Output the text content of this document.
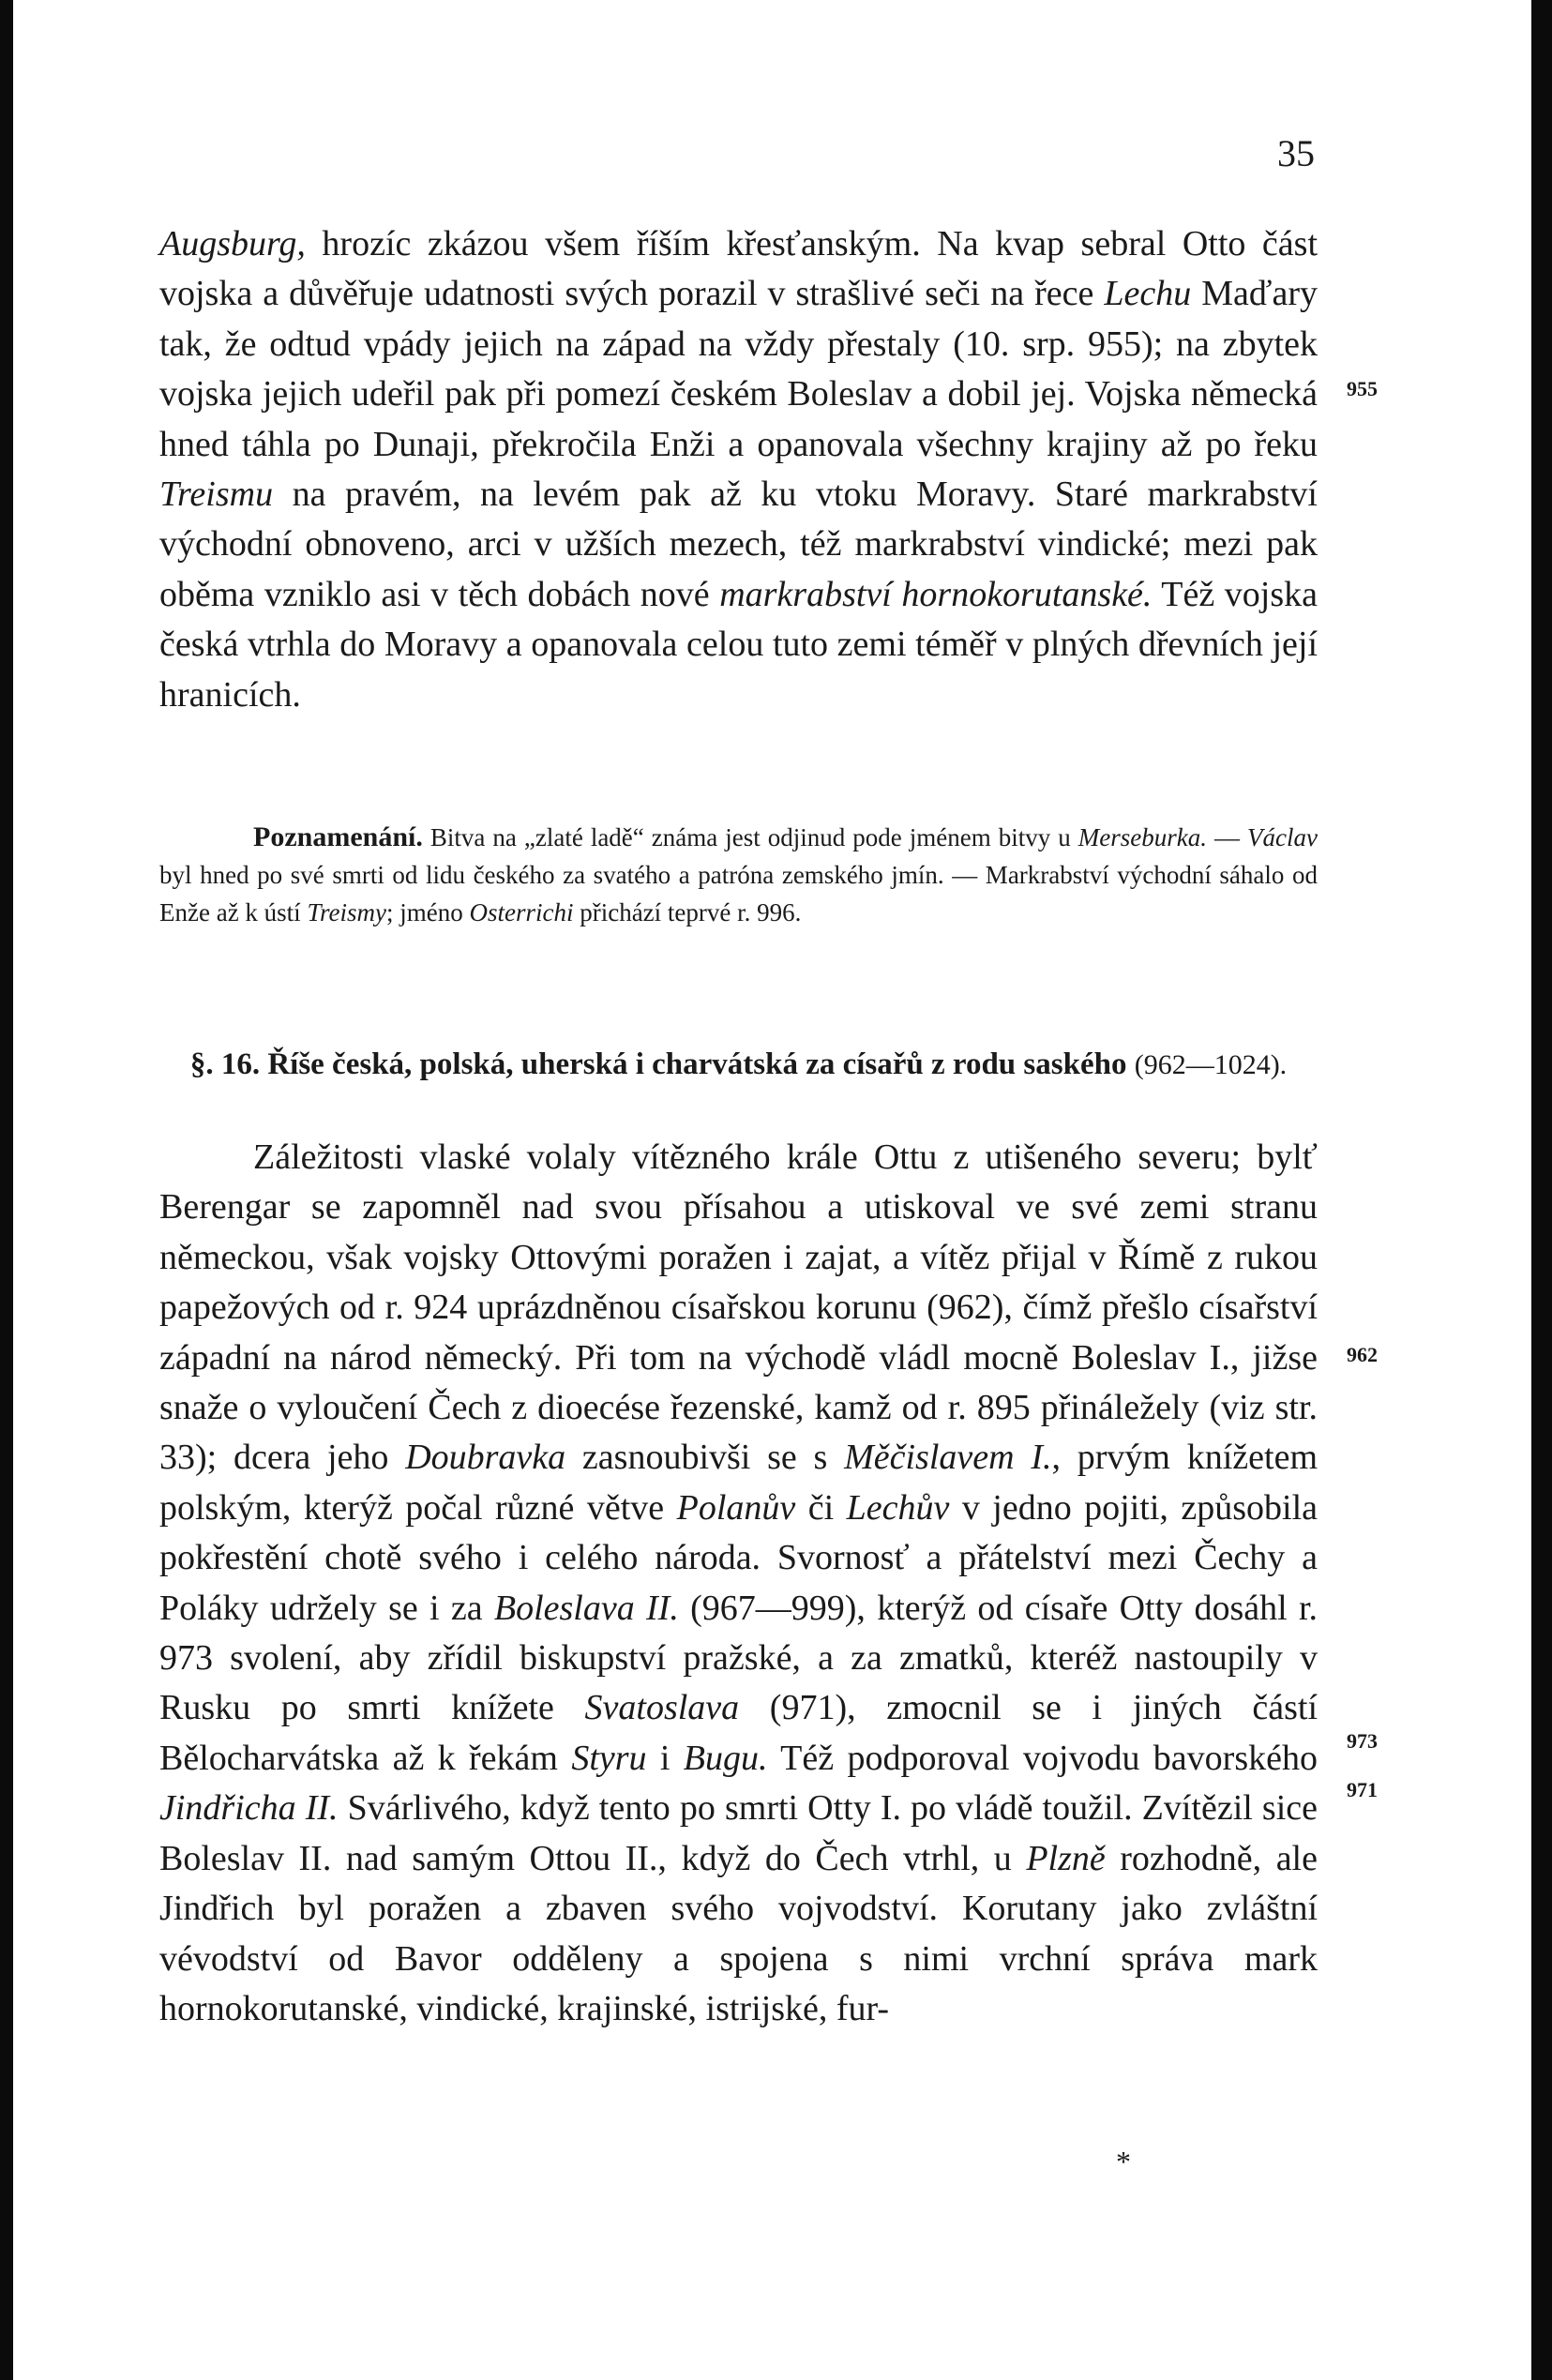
35
Augsburg, hrozíc zkázou všem říším křesťanským. Na kvap sebral Otto část vojska a důvěřuje udatnosti svých porazil v strašlivé seči na řece Lechu Maďary tak, že odtud vpády jejich na západ na vždy přestaly (10. srp. 955); na zbytek vojska jejich udeřil pak při pomezí českém Boleslav a dobil jej. Vojska německá hned táhla po Dunaji, překročila Enži a opanovala všechny krajiny až po řeku Treismu na pravém, na levém pak až ku vtoku Moravy. Staré markrabství východní obnoveno, arci v užších mezech, též markrabství vindické; mezi pak oběma vzniklo asi v těch dobách nové markrabství hornokorutanské. Též vojska česká vtrhla do Moravy a opanovala celou tuto zemi téměř v plných dřevních její hranicích.
Poznamenání. Bitva na „zlaté ladě“ známa jest odjinud pode jménem bitvy u Merseburka. — Václav byl hned po své smrti od lidu českého za svatého a patróna zemského jmín. — Markrabství východní sáhalo od Enže až k ústí Treismy; jméno Osterrichi přichází teprvé r. 996.
§. 16. Říše česká, polská, uherská i charvátská za císařů z rodu saského (962—1024).
Záležitosti vlaské volaly vítězného krále Ottu z utišeného severu; bylť Berengar se zapomněl nad svou přísahou a utiskoval ve své zemi stranu německou, však vojsky Ottovými poražen i zajat, a vítěz přijal v Římě z rukou papežových od r. 924 uprázdněnou císařskou korunu (962), čímž přešlo císařství západní na národ německý. Při tom na východě vládl mocně Boleslav I., jižse snaže o vyloučení Čech z dioecése řezenské, kamž od r. 895 přináležely (viz str. 33); dcera jeho Doubravka zasnoubivši se s Měčislavem I., prvým knížetem polským, kterýž počal různé větve Polanův či Lechův v jedno pojiti, způsobila pokřestění chotě svého i celého národa. Svornosť a přátelství mezi Čechy a Poláky udržely se i za Boleslava II. (967—999), kterýž od císaře Otty dosáhl r. 973 svolení, aby zřídil biskupství pražské, a za zmatků, kteréž nastoupily v Rusku po smrti knížete Svatoslava (971), zmocnil se i jiných částí Bělocharvátska až k řekám Styru i Bugu. Též podporoval vojvodu bavorského Jindřicha II. Svárlivého, když tento po smrti Otty I. po vládě toužil. Zvítězil sice Boleslav II. nad samým Ottou II., když do Čech vtrhl, u Plzně rozhodně, ale Jindřich byl poražen a zbaven svého vojvodství. Korutany jako zvláštní vévodství od Bavor odděleny a spojena s nimi vrchní správa mark hornokorutanské, vindické, krajinské, istrijské, fur-
955
962
973
971
*
